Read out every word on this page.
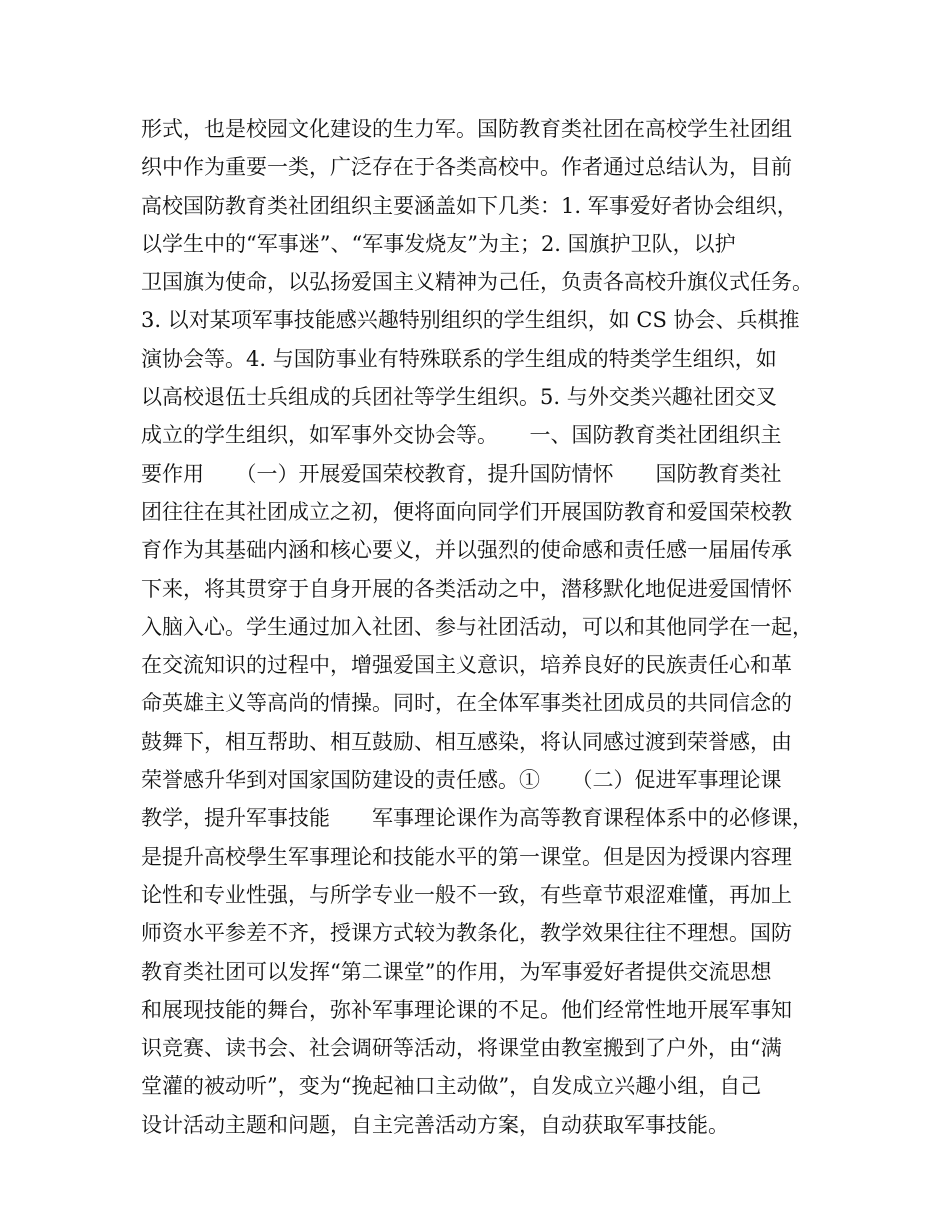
形式，也是校园文化建设的生力军。国防教育类社团在高校学生社团组
织中作为重要一类，广泛存在于各类高校中。作者通过总结认为，目前
高校国防教育类社团组织主要涵盖如下几类：1. 军事爱好者协会组织，
以学生中的“军事迷”、“军事发烧友”为主；2. 国旗护卫队，以护
卫国旗为使命，以弘扬爱国主义精神为己任，负责各高校升旗仪式任务。
3. 以对某项军事技能感兴趣特别组织的学生组织，如 CS 协会、兵棋推
演协会等。4. 与国防事业有特殊联系的学生组成的特类学生组织，如
以高校退伍士兵组成的兵团社等学生组织。5. 与外交类兴趣社团交叉
成立的学生组织，如军事外交协会等。　　一、国防教育类社团组织主
要作用　　（一）开展爱国荣校教育，提升国防情怀　　国防教育类社
团往往在其社团成立之初，便将面向同学们开展国防教育和爱国荣校教
育作为其基础内涵和核心要义，并以强烈的使命感和责任感一届届传承
下来，将其贯穿于自身开展的各类活动之中，潜移默化地促进爱国情怀
入脑入心。学生通过加入社团、参与社团活动，可以和其他同学在一起，
在交流知识的过程中，增强爱国主义意识，培养良好的民族责任心和革
命英雄主义等高尚的情操。同时，在全体军事类社团成员的共同信念的
鼓舞下，相互帮助、相互鼓励、相互感染，将认同感过渡到荣誉感，由
荣誉感升华到对国家国防建设的责任感。①　　（二）促进军事理论课
教学，提升军事技能　　军事理论课作为高等教育课程体系中的必修课，
是提升高校學生军事理论和技能水平的第一课堂。但是因为授课内容理
论性和专业性强，与所学专业一般不一致，有些章节艰涩难懂，再加上
师资水平参差不齐，授课方式较为教条化，教学效果往往不理想。国防
教育类社团可以发挥“第二课堂”的作用，为军事爱好者提供交流思想
和展现技能的舞台，弥补军事理论课的不足。他们经常性地开展军事知
识竞赛、读书会、社会调研等活动，将课堂由教室搬到了户外，由“满
堂灌的被动听”，变为“挽起袖口主动做”，自发成立兴趣小组，自己
设计活动主题和问题，自主完善活动方案，自动获取军事技能。
